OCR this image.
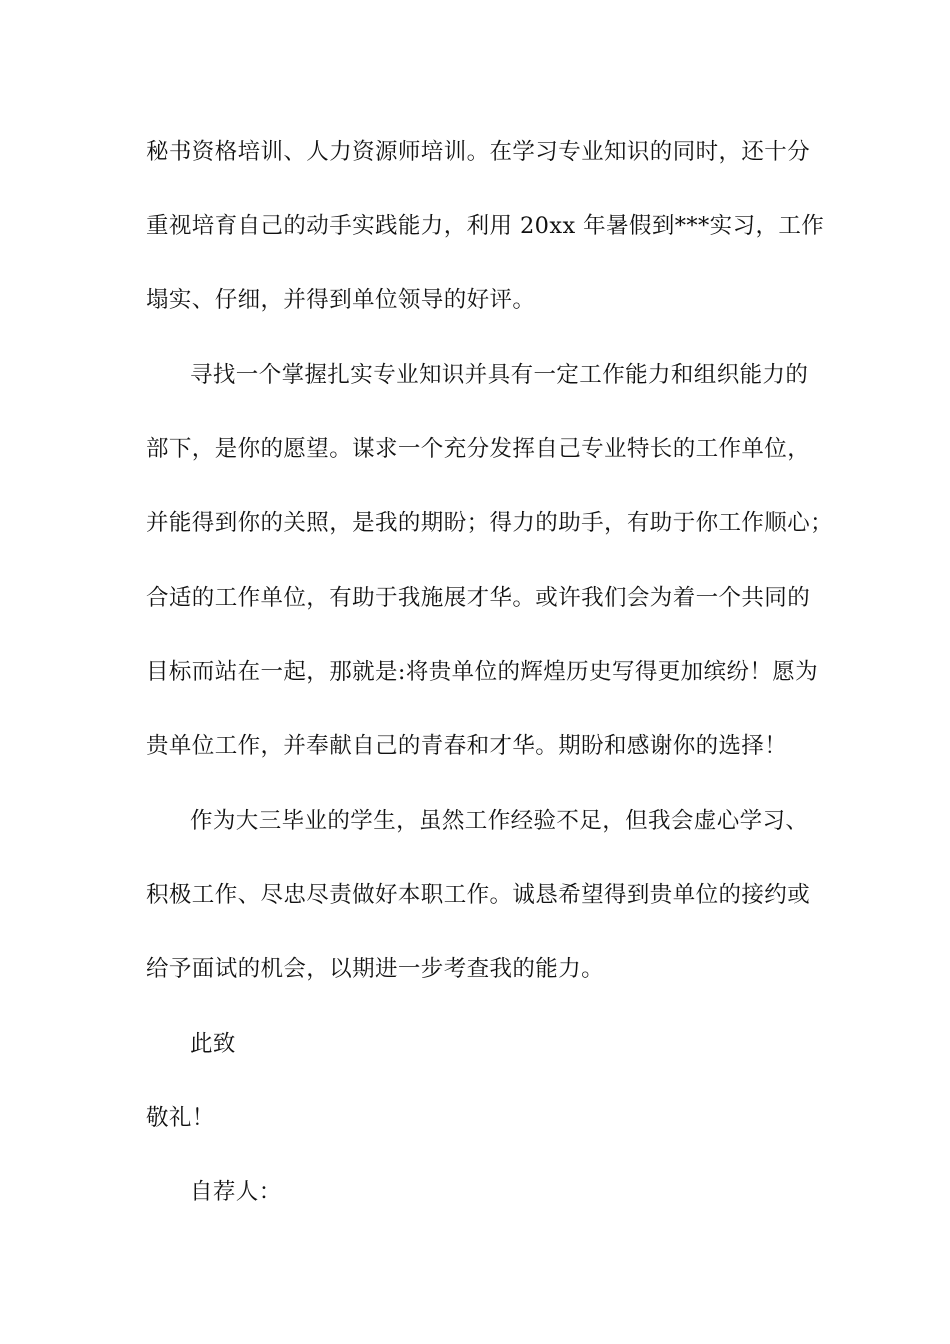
秘书资格培训、人力资源师培训。在学习专业知识的同时，还十分
重视培育自己的动手实践能力，利用 20xx 年暑假到***实习，工作
塌实、仔细，并得到单位领导的好评。
寻找一个掌握扎实专业知识并具有一定工作能力和组织能力的
部下，是你的愿望。谋求一个充分发挥自己专业特长的工作单位，
并能得到你的关照，是我的期盼；得力的助手，有助于你工作顺心；
合适的工作单位，有助于我施展才华。或许我们会为着一个共同的
目标而站在一起，那就是:将贵单位的辉煌历史写得更加缤纷！愿为
贵单位工作，并奉献自己的青春和才华。期盼和感谢你的选择！
作为大三毕业的学生，虽然工作经验不足，但我会虚心学习、
积极工作、尽忠尽责做好本职工作。诚恳希望得到贵单位的接约或
给予面试的机会，以期进一步考查我的能力。
此致
敬礼！
自荐人：
